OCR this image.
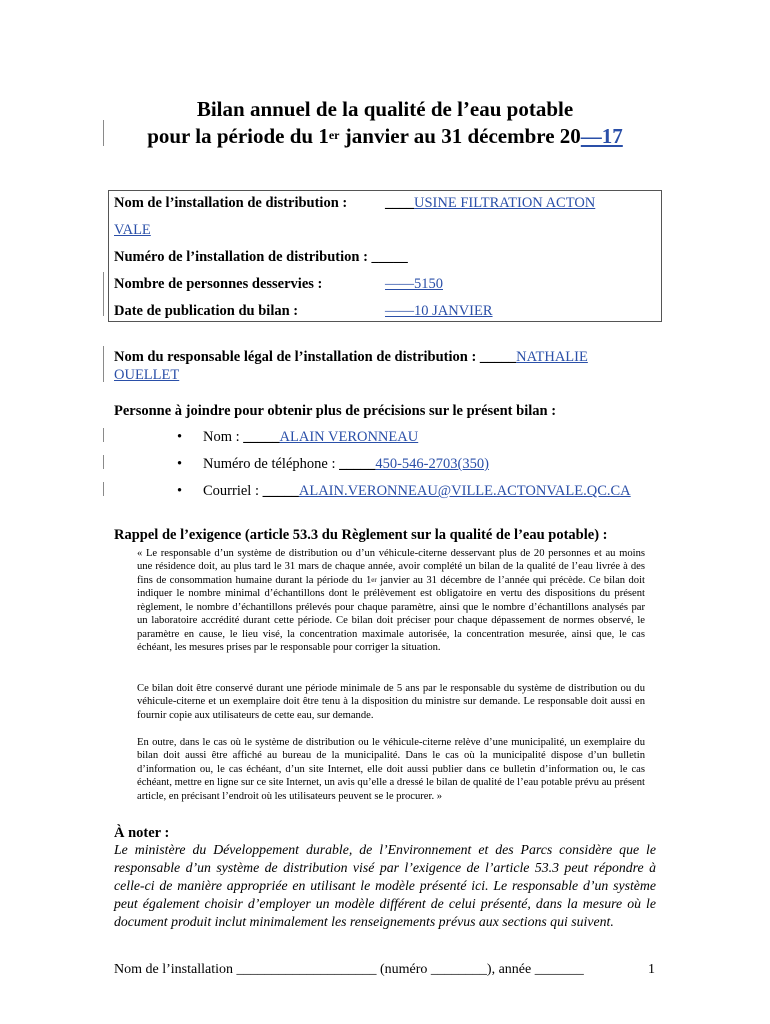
Bilan annuel de la qualité de l’eau potable
pour la période du 1er janvier au 31 décembre 20—17
Nom de l’installation de distribution :	____USINE FILTRATION ACTON
VALE
Numéro de l’installation de distribution : _____
Nombre de personnes desservies :	——5150
Date de publication du bilan :	——10 JANVIER
Nom du responsable légal de l’installation de distribution : _____NATHALIE
OUELLET
Personne à joindre pour obtenir plus de précisions sur le présent bilan :
• Nom : _____ALAIN VERONNEAU
• Numéro de téléphone : _____450-546-2703(350)
• Courriel : _____ALAIN.VERONNEAU@VILLE.ACTONVALE.QC.CA
Rappel de l’exigence (article 53.3 du Règlement sur la qualité de l’eau potable) :
« Le responsable d’un système de distribution ou d’un véhicule-citerne desservant plus de 20 personnes et au moins une résidence doit, au plus tard le 31 mars de chaque année, avoir complété un bilan de la qualité de l’eau livrée à des fins de consommation humaine durant la période du 1er janvier au 31 décembre de l’année qui précède. Ce bilan doit indiquer le nombre minimal d’échantillons dont le prélèvement est obligatoire en vertu des dispositions du présent règlement, le nombre d’échantillons prélevés pour chaque paramètre, ainsi que le nombre d’échantillons analysés par un laboratoire accrédité durant cette période. Ce bilan doit préciser pour chaque dépassement de normes observé, le paramètre en cause, le lieu visé, la concentration maximale autorisée, la concentration mesurée, ainsi que, le cas échéant, les mesures prises par le responsable pour corriger la situation.
Ce bilan doit être conservé durant une période minimale de 5 ans par le responsable du système de distribution ou du véhicule-citerne et un exemplaire doit être tenu à la disposition du ministre sur demande. Le responsable doit aussi en fournir copie aux utilisateurs de cette eau, sur demande.
En outre, dans le cas où le système de distribution ou le véhicule-citerne relève d’une municipalité, un exemplaire du bilan doit aussi être affiché au bureau de la municipalité. Dans le cas où la municipalité dispose d’un bulletin d’information ou, le cas échéant, d’un site Internet, elle doit aussi publier dans ce bulletin d’information ou, le cas échéant, mettre en ligne sur ce site Internet, un avis qu’elle a dressé le bilan de qualité de l’eau potable prévu au présent article, en précisant l’endroit où les utilisateurs peuvent se le procurer. »
À noter :
Le ministère du Développement durable, de l’Environnement et des Parcs considère que le responsable d’un système de distribution visé par l’exigence de l’article 53.3 peut répondre à celle-ci de manière appropriée en utilisant le modèle présenté ici. Le responsable d’un système peut également choisir d’employer un modèle différent de celui présenté, dans la mesure où le document produit inclut minimalement les renseignements prévus aux sections qui suivent.
Nom de l’installation ____________________ (numéro ________), année _______	1
